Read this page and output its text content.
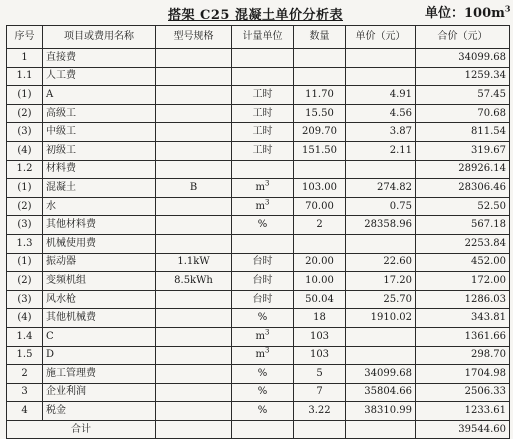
搭架 C25 混凝土单价分析表	单位：$100m^3$
序号	项目或费用名称	型号规格	计量单位	数量	单价（元）	合价（元）
1	直接费					34099.68
1.1	人工费					1259.34
(1)	A		工时	11.70	4.91	57.45
(2)	高级工		工时	15.50	4.56	70.68
(3)	中级工		工时	209.70	3.87	811.54
(4)	初级工		工时	151.50	2.11	319.67
1.2	材料费					28926.14
(1)	混凝土	B	$m^3$	103.00	274.82	28306.46
(2)	水		$m^3$	70.00	0.75	52.50
(3)	其他材料费		%	2	28358.96	567.18
1.3	机械使用费					2253.84
(1)	振动器	1.1kW	台时	20.00	22.60	452.00
(2)	变频机组	8.5kWh	台时	10.00	17.20	172.00
(3)	风水枪		台时	50.04	25.70	1286.03
(4)	其他机械费		%	18	1910.02	343.81
1.4	C		$m^3$	103		1361.66
1.5	D		$m^3$	103		298.70
2	施工管理费		%	5	34099.68	1704.98
3	企业利润		%	7	35804.66	2506.33
4	税金		%	3.22	38310.99	1233.61
合计						39544.60
